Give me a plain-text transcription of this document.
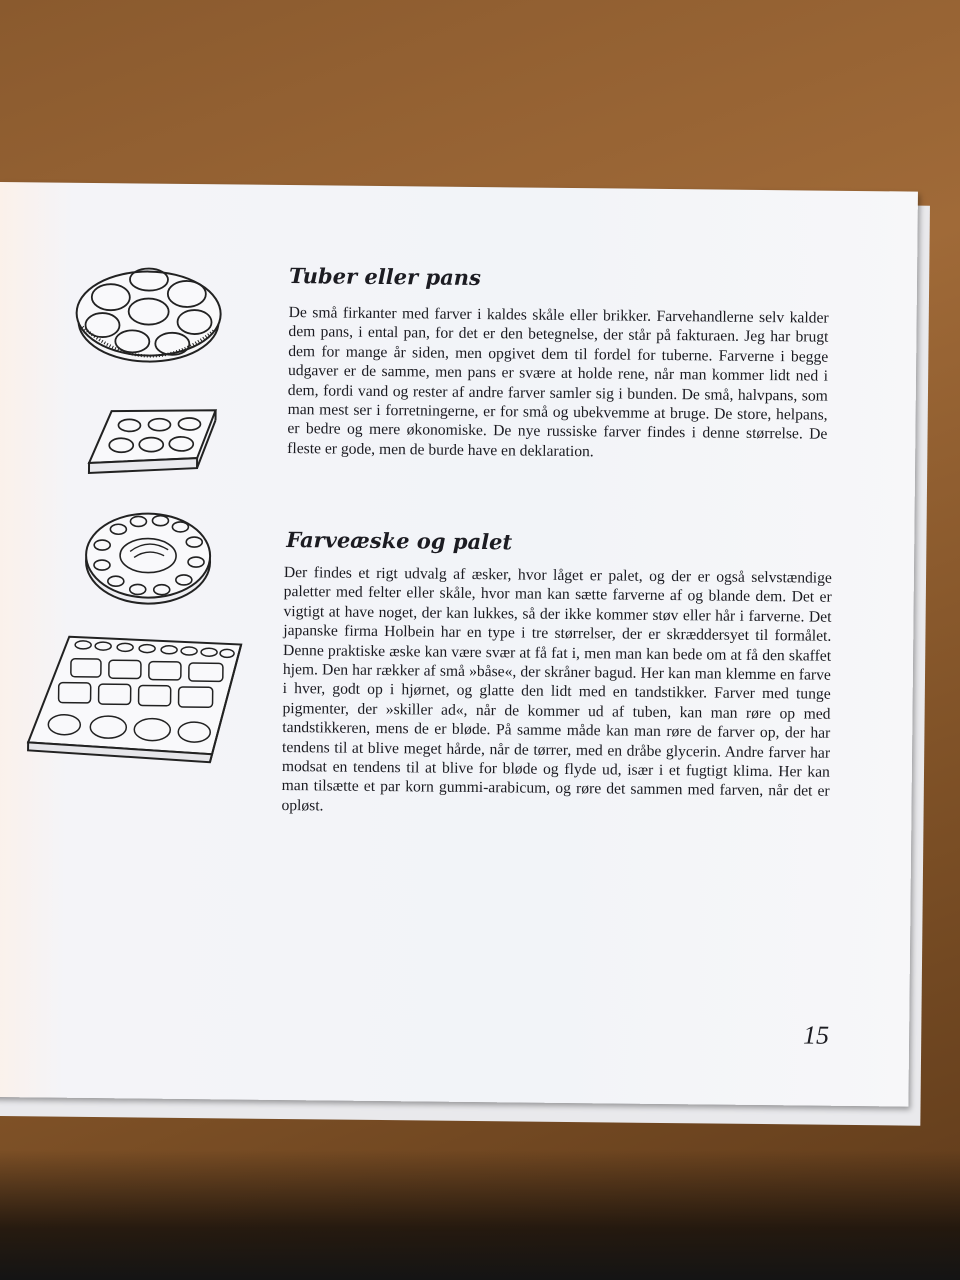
Tuber eller pans

De små firkanter med farver i kaldes skåle eller brikker. Farvehandlerne selv kalder dem pans, i ental pan, for det er den betegnelse, der står på fakturaen. Jeg har brugt dem for mange år siden, men opgivet dem til fordel for tuberne. Farverne i begge udgaver er de samme, men pans er svære at holde rene, når man kommer lidt ned i dem, fordi vand og rester af andre farver samler sig i bunden. De små, halvpans, som man mest ser i forretningerne, er for små og ubekvemme at bruge. De store, helpans, er bedre og mere økonomiske. De nye russiske farver findes i denne størrelse. De fleste er gode, men de burde have en deklaration.

Farveæske og palet

Der findes et rigt udvalg af æsker, hvor låget er palet, og der er også selvstændige paletter med felter eller skåle, hvor man kan sætte farverne af og blande dem. Det er vigtigt at have noget, der kan lukkes, så der ikke kommer støv eller hår i farverne. Det japanske firma Holbein har en type i tre størrelser, der er skræddersyet til formålet. Denne praktiske æske kan være svær at få fat i, men man kan bede om at få den skaffet hjem. Den har rækker af små »båse«, der skråner bagud. Her kan man klemme en farve i hver, godt op i hjørnet, og glatte den lidt med en tandstikker. Farver med tunge pigmenter, der »skiller ad«, når de kommer ud af tuben, kan man røre op med tandstikkeren, mens de er bløde. På samme måde kan man røre de farver op, der har tendens til at blive meget hårde, når de tørrer, med en dråbe glycerin. Andre farver har modsat en tendens til at blive for bløde og flyde ud, især i et fugtigt klima. Her kan man tilsætte et par korn gummi-arabicum, og røre det sammen med farven, når det er opløst.

15
